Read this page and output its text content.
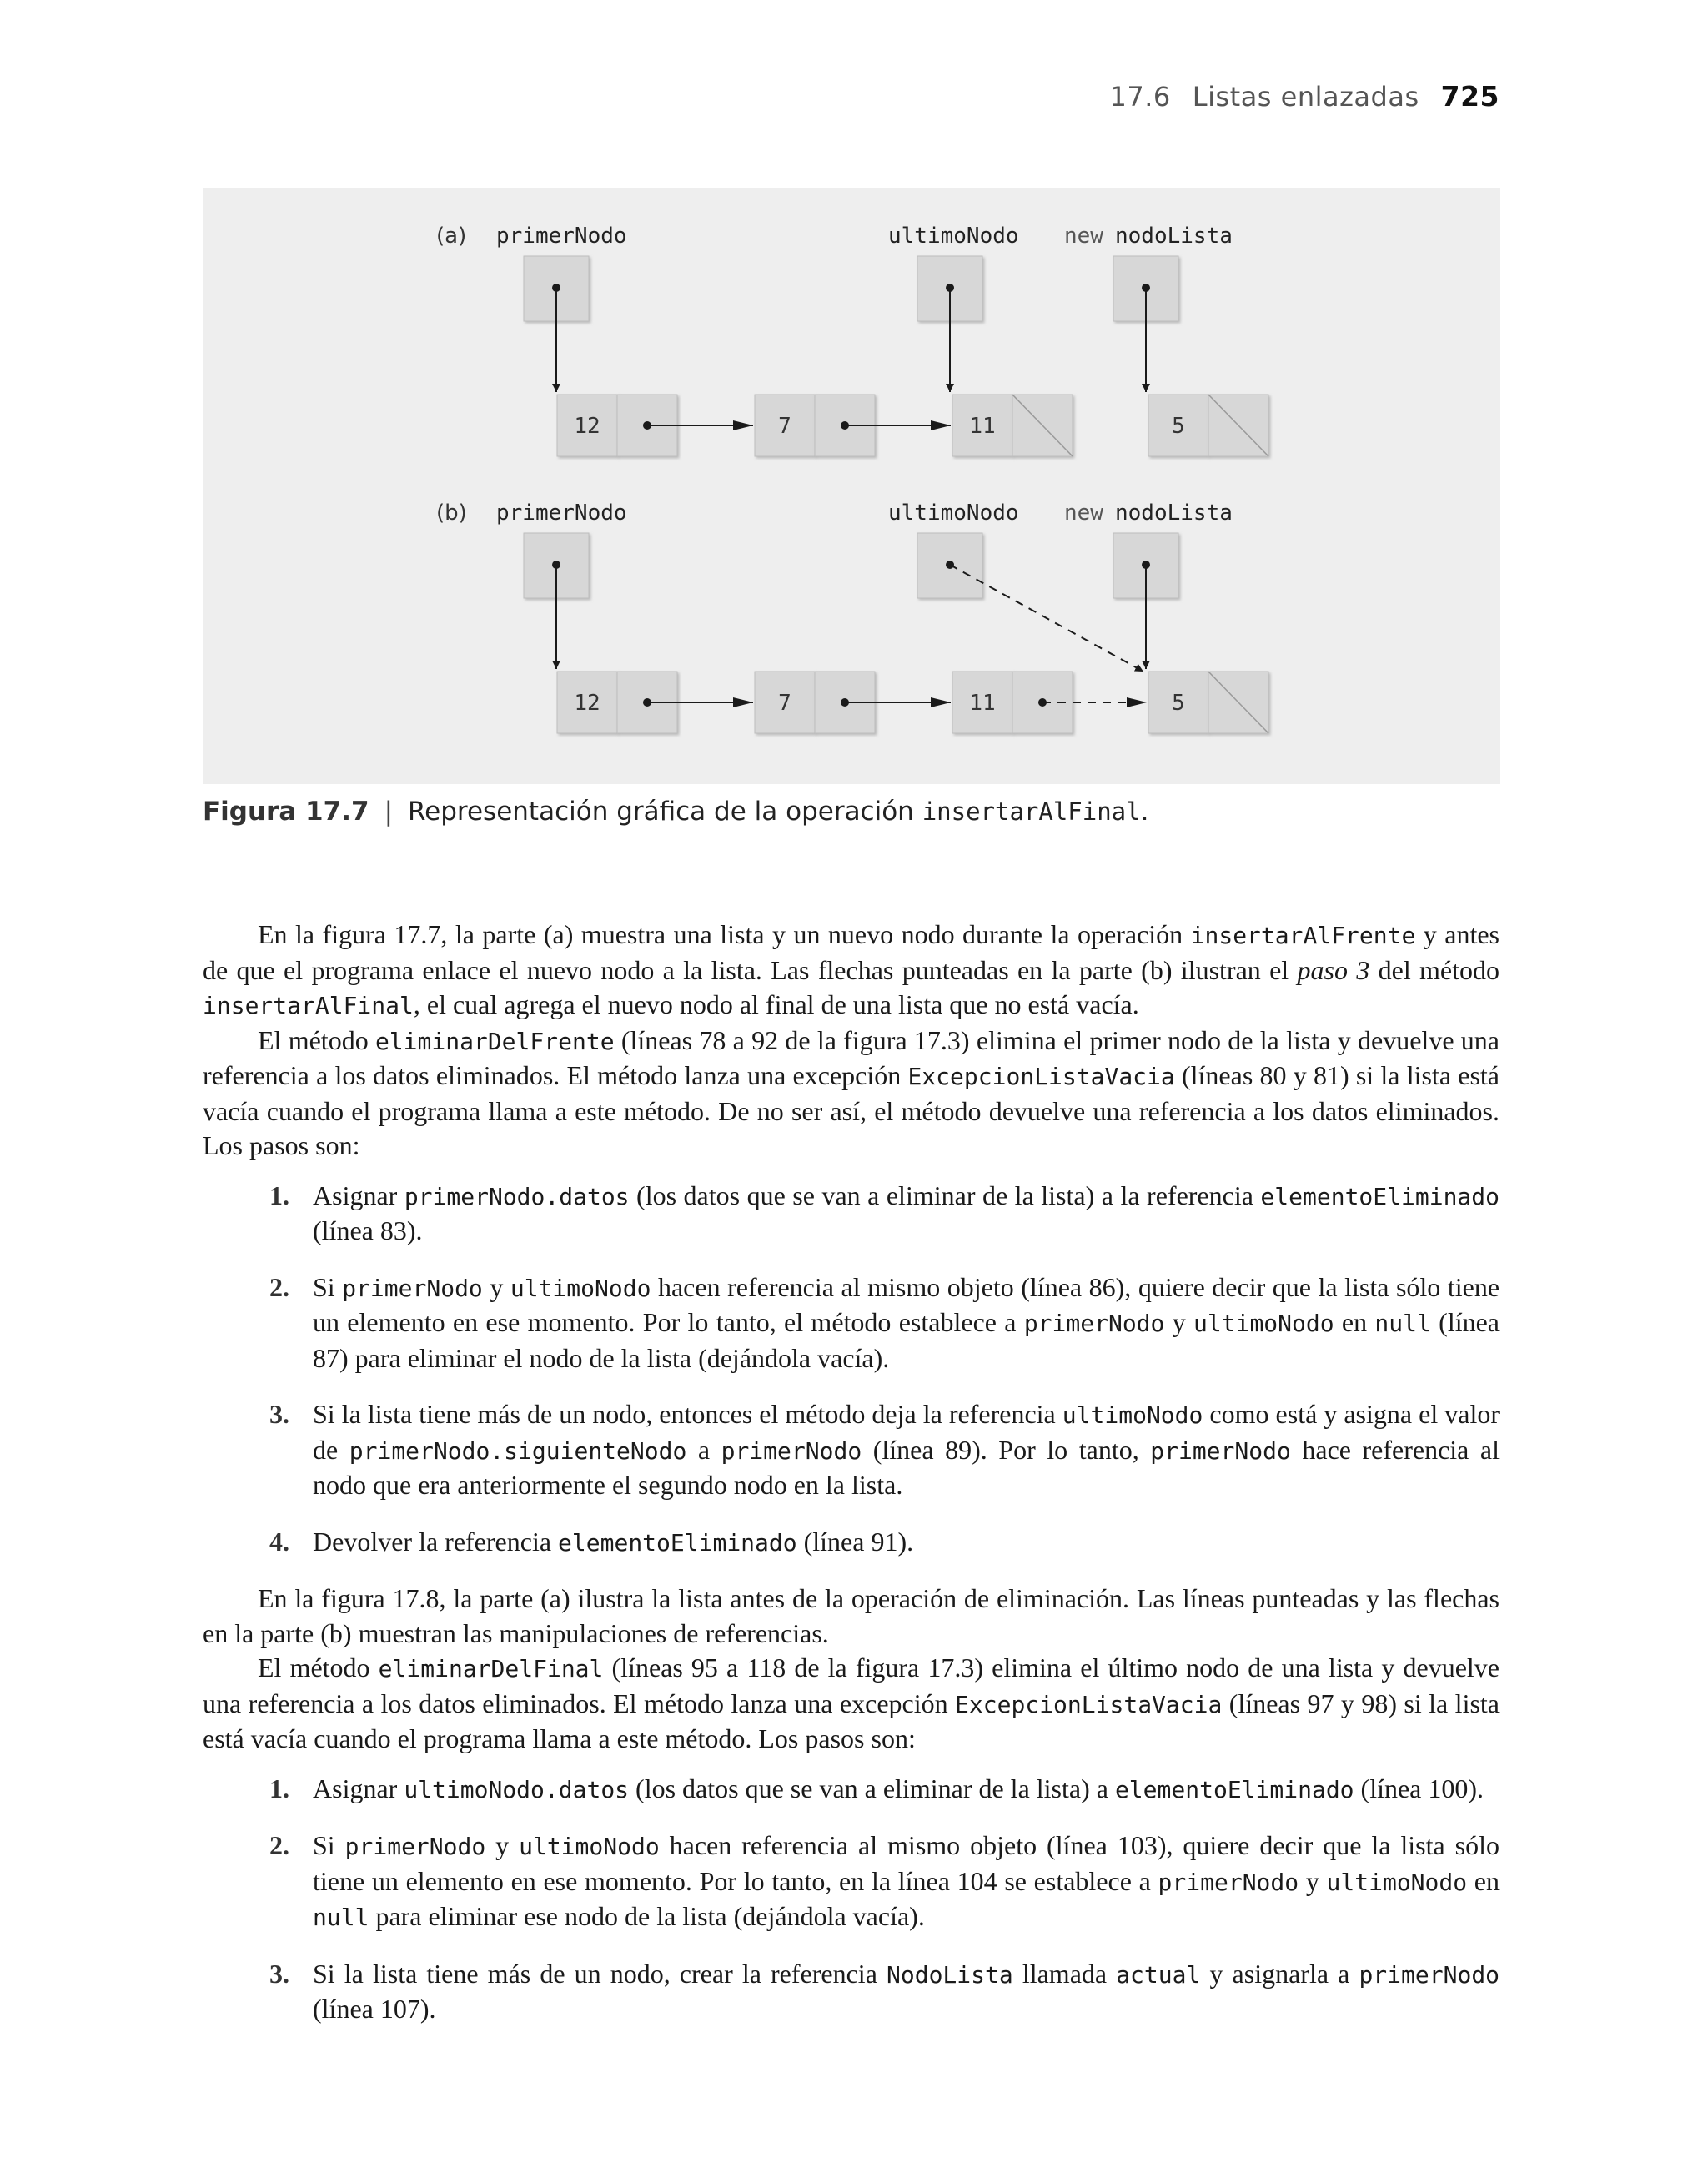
17.6 Listas enlazadas 725
(a) primerNodo	ultimoNodo new nodoLista
12	7	11	5
(b) primerNodo	ultimoNodo new nodoLista
12	7	11	5
Figura 17.7 | Representación gráfica de la operación insertarAlFinal.

En la figura 17.7, la parte (a) muestra una lista y un nuevo nodo durante la operación insertarAlFrente y antes de que el programa enlace el nuevo nodo a la lista. Las flechas punteadas en la parte (b) ilustran el paso 3 del método insertarAlFinal, el cual agrega el nuevo nodo al final de una lista que no está vacía.

El método eliminarDelFrente (líneas 78 a 92 de la figura 17.3) elimina el primer nodo de la lista y devuelve una referencia a los datos eliminados. El método lanza una excepción ExcepcionListaVacia (líneas 80 y 81) si la lista está vacía cuando el programa llama a este método. De no ser así, el método devuelve una referencia a los datos eliminados. Los pasos son:

1. Asignar primerNodo.datos (los datos que se van a eliminar de la lista) a la referencia elementoEliminado (línea 83).
2. Si primerNodo y ultimoNodo hacen referencia al mismo objeto (línea 86), quiere decir que la lista sólo tiene un elemento en ese momento. Por lo tanto, el método establece a primerNodo y ultimoNodo en null (línea 87) para eliminar el nodo de la lista (dejándola vacía).
3. Si la lista tiene más de un nodo, entonces el método deja la referencia ultimoNodo como está y asigna el valor de primerNodo.siguienteNodo a primerNodo (línea 89). Por lo tanto, primerNodo hace referencia al nodo que era anteriormente el segundo nodo en la lista.
4. Devolver la referencia elementoEliminado (línea 91).

En la figura 17.8, la parte (a) ilustra la lista antes de la operación de eliminación. Las líneas punteadas y las flechas en la parte (b) muestran las manipulaciones de referencias.

El método eliminarDelFinal (líneas 95 a 118 de la figura 17.3) elimina el último nodo de una lista y devuelve una referencia a los datos eliminados. El método lanza una excepción ExcepcionListaVacia (líneas 97 y 98) si la lista está vacía cuando el programa llama a este método. Los pasos son:

1. Asignar ultimoNodo.datos (los datos que se van a eliminar de la lista) a elementoEliminado (línea 100).
2. Si primerNodo y ultimoNodo hacen referencia al mismo objeto (línea 103), quiere decir que la lista sólo tiene un elemento en ese momento. Por lo tanto, en la línea 104 se establece a primerNodo y ultimoNodo en null para eliminar ese nodo de la lista (dejándola vacía).
3. Si la lista tiene más de un nodo, crear la referencia NodoLista llamada actual y asignarla a primerNodo (línea 107).
